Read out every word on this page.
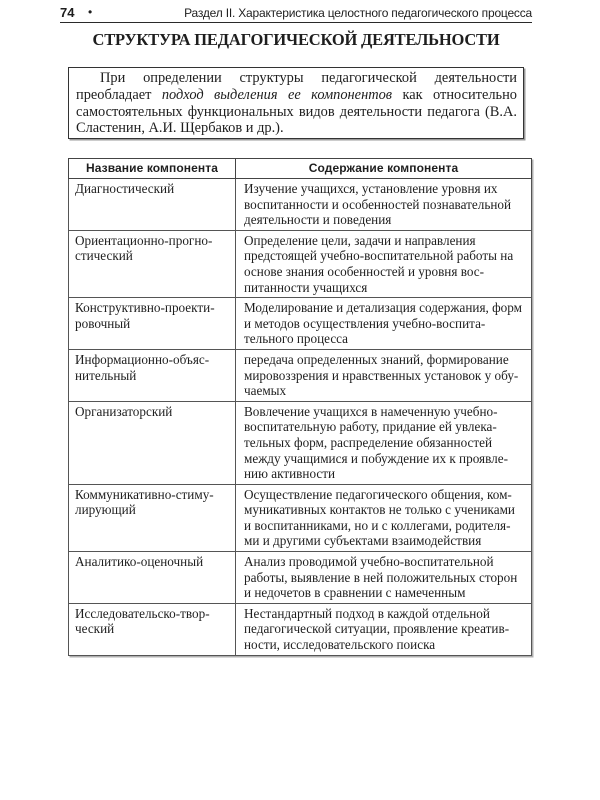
74 •	Раздел II. Характеристика целостного педагогического процесса
СТРУКТУРА ПЕДАГОГИЧЕСКОЙ ДЕЯТЕЛЬНОСТИ

При определении структуры педагогической деятельности преобладает подход выделения ее компонентов как относительно самостоятельных функциональных видов деятельности педагога (В.А. Сластенин, А.И. Щербаков и др.).

Название компонента	Содержание компонента
Диагностический	Изучение учащихся, установление уровня их воспитанности и особенностей познавательной деятельности и поведения
Ориентационно-прогно-стический	Определение цели, задачи и направления предстоящей учебно-воспитательной работы на основе знания особенностей и уровня вос-питанности учащихся
Конструктивно-проекти-ровочный	Моделирование и детализация содержания, форм и методов осуществления учебно-воспита-тельного процесса
Информационно-объяс-нительный	передача определенных знаний, формирование мировоззрения и нравственных установок у обу-чаемых
Организаторский	Вовлечение учащихся в намеченную учебно-воспитательную работу, придание ей увлека-тельных форм, распределение обязанностей между учащимися и побуждение их к проявле-нию активности
Коммуникативно-стиму-лирующий	Осуществление педагогического общения, ком-муникативных контактов не только с учениками и воспитанниками, но и с коллегами, родителя-ми и другими субъектами взаимодействия
Аналитико-оценочный	Анализ проводимой учебно-воспитательной работы, выявление в ней положительных сторон и недочетов в сравнении с намеченным
Исследовательско-твор-ческий	Нестандартный подход в каждой отдельной педагогической ситуации, проявление креатив-ности, исследовательского поиска
